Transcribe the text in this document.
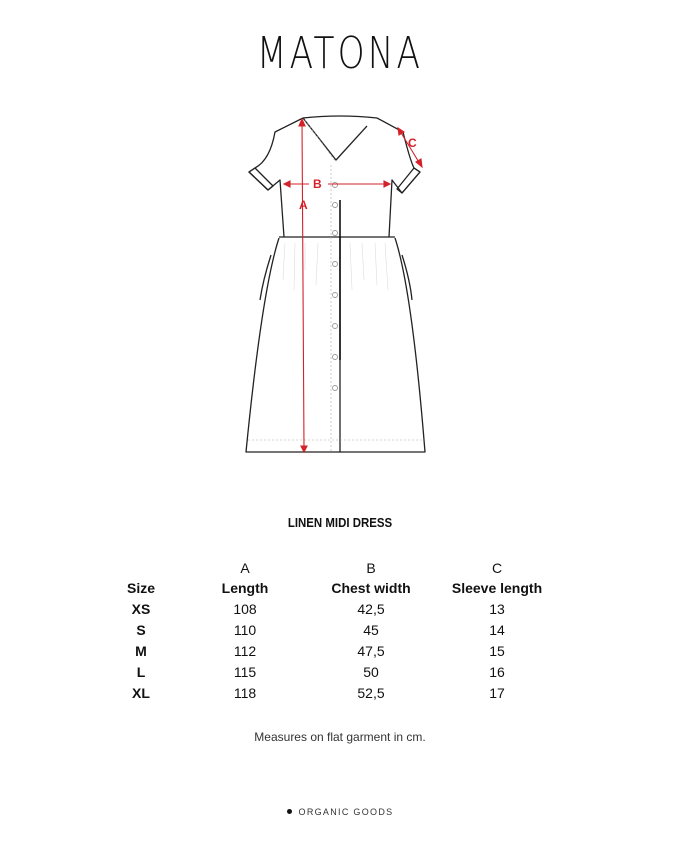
MATONA
B
A
C
LINEN MIDI DRESS
	A	B	C
Size	Length	Chest width	Sleeve length
XS	108	42,5	13
S	110	45	14
M	112	47,5	15
L	115	50	16
XL	118	52,5	17
Measures on flat garment in cm.
ORGANIC GOODS
